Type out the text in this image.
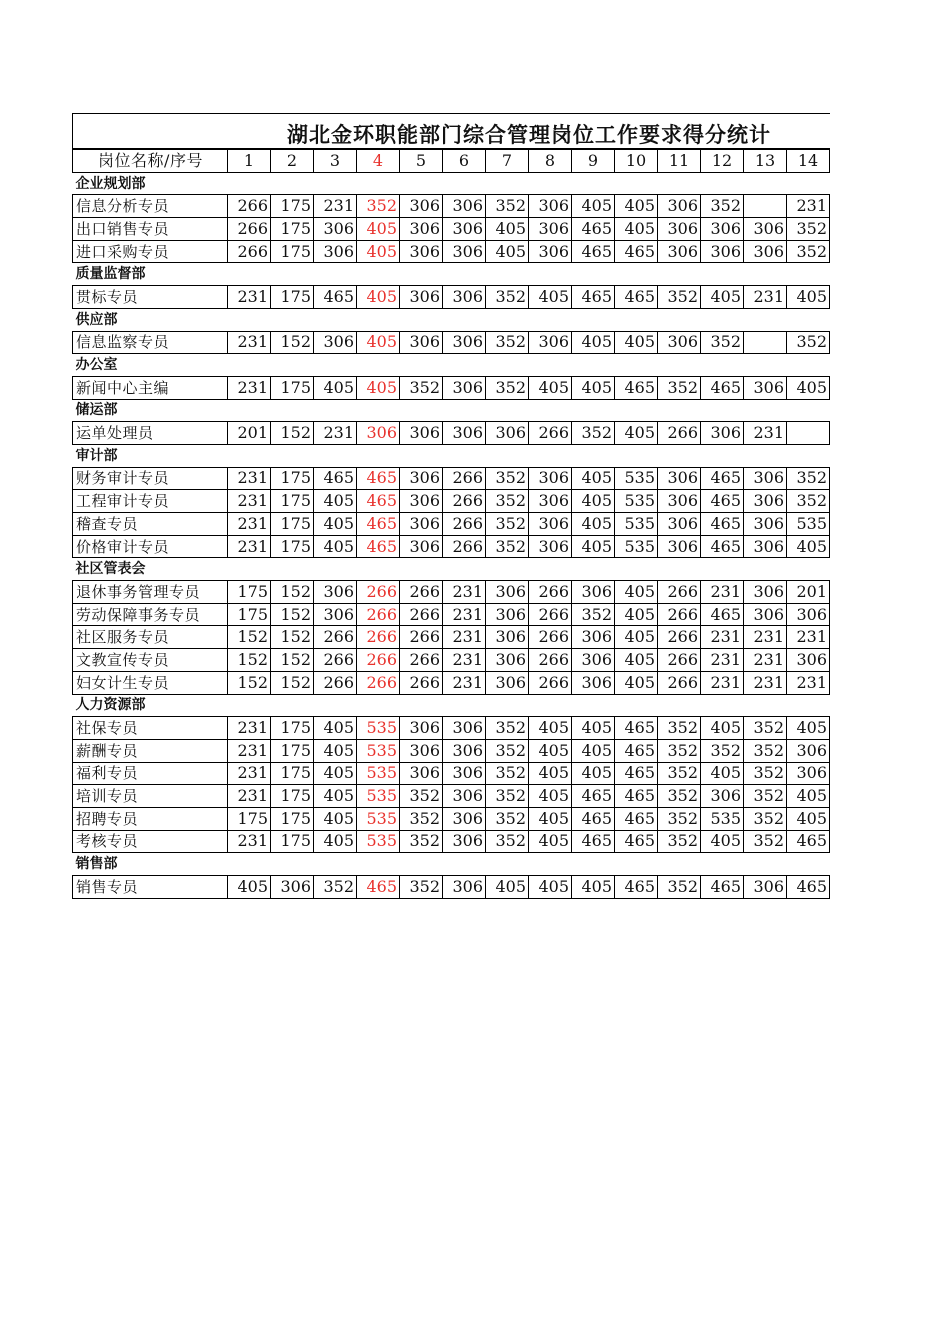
湖北金环职能部门综合管理岗位工作要求得分统计
岗位名称/序号	1	2	3	4	5	6	7	8	9	10	11	12	13	14
企业规划部														
信息分析专员	266	175	231	352	306	306	352	306	405	405	306	352		231
出口销售专员	266	175	306	405	306	306	405	306	465	405	306	306	306	352
进口采购专员	266	175	306	405	306	306	405	306	465	465	306	306	306	352
质量监督部														
贯标专员	231	175	465	405	306	306	352	405	465	465	352	405	231	405
供应部														
信息监察专员	231	152	306	405	306	306	352	306	405	405	306	352		352
办公室														
新闻中心主编	231	175	405	405	352	306	352	405	405	465	352	465	306	405
储运部														
运单处理员	201	152	231	306	306	306	306	266	352	405	266	306	231	
审计部														
财务审计专员	231	175	465	465	306	266	352	306	405	535	306	465	306	352
工程审计专员	231	175	405	465	306	266	352	306	405	535	306	465	306	352
稽查专员	231	175	405	465	306	266	352	306	405	535	306	465	306	535
价格审计专员	231	175	405	465	306	266	352	306	405	535	306	465	306	405
社区管表会														
退休事务管理专员	175	152	306	266	266	231	306	266	306	405	266	231	306	201
劳动保障事务专员	175	152	306	266	266	231	306	266	352	405	266	465	306	306
社区服务专员	152	152	266	266	266	231	306	266	306	405	266	231	231	231
文教宣传专员	152	152	266	266	266	231	306	266	306	405	266	231	231	306
妇女计生专员	152	152	266	266	266	231	306	266	306	405	266	231	231	231
人力资源部														
社保专员	231	175	405	535	306	306	352	405	405	465	352	405	352	405
薪酬专员	231	175	405	535	306	306	352	405	405	465	352	352	352	306
福利专员	231	175	405	535	306	306	352	405	405	465	352	405	352	306
培训专员	231	175	405	535	352	306	352	405	465	465	352	306	352	405
招聘专员	175	175	405	535	352	306	352	405	465	465	352	535	352	405
考核专员	231	175	405	535	352	306	352	405	465	465	352	405	352	465
销售部														
销售专员	405	306	352	465	352	306	405	405	405	465	352	465	306	465
